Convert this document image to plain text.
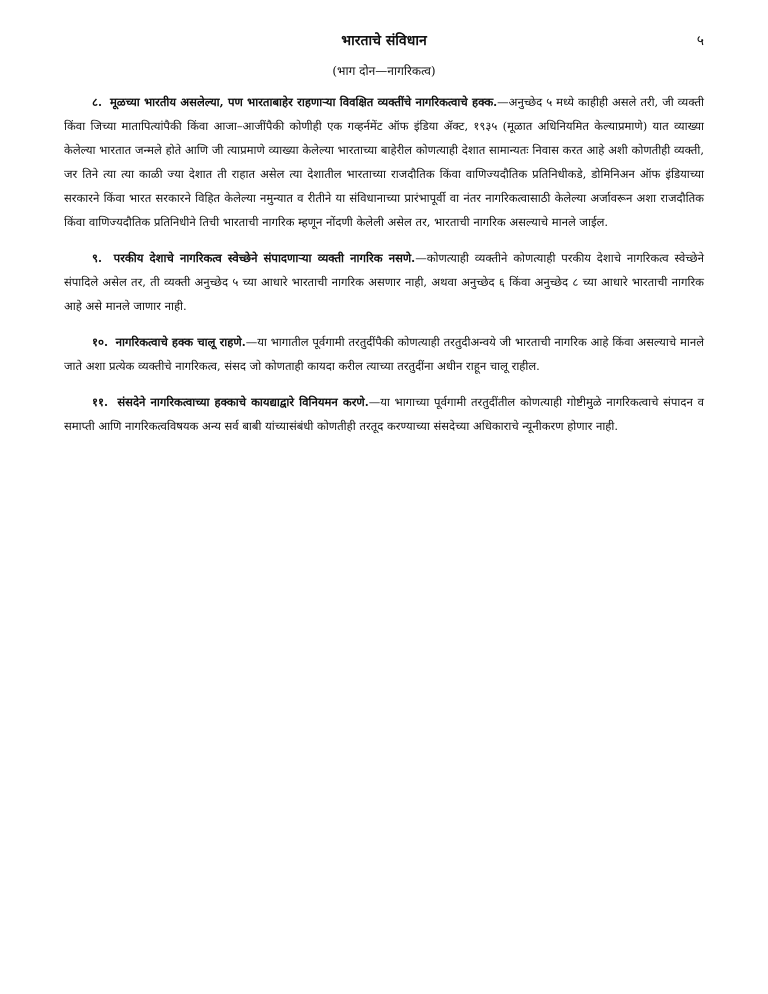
भारताचे संविधान	५
(भाग दोन—नागरिकत्व)

८. मूळच्या भारतीय असलेल्या, पण भारताबाहेर राहणाऱ्या विवक्षित व्यक्तींचे नागरिकत्वाचे हक्क.—अनुच्छेद ५ मध्ये काहीही असले तरी, जी व्यक्ती किंवा जिच्या मातापित्यांपैकी किंवा आजा–आजींपैकी कोणीही एक गव्हर्नमेंट ऑफ इंडिया ॲक्ट, १९३५ (मूळात अधिनियमित केल्याप्रमाणे) यात व्याख्या केलेल्या भारतात जन्मले होते आणि जी त्याप्रमाणे व्याख्या केलेल्या भारताच्या बाहेरील कोणत्याही देशात सामान्यतः निवास करत आहे अशी कोणतीही व्यक्ती, जर तिने त्या त्या काळी ज्या देशात ती राहात असेल त्या देशातील भारताच्या राजदौतिक किंवा वाणिज्यदौतिक प्रतिनिधीकडे, डोमिनिअन ऑफ इंडियाच्या सरकारने किंवा भारत सरकारने विहित केलेल्या नमुन्यात व रीतीने या संविधानाच्या प्रारंभापूर्वी वा नंतर नागरिकत्वासाठी केलेल्या अर्जावरून अशा राजदौतिक किंवा वाणिज्यदौतिक प्रतिनिधीने तिची भारताची नागरिक म्हणून नोंदणी केलेली असेल तर, भारताची नागरिक असल्याचे मानले जाईल.

९. परकीय देशाचे नागरिकत्व स्वेच्छेने संपादणाऱ्या व्यक्ती नागरिक नसणे.—कोणत्याही व्यक्तीने कोणत्याही परकीय देशाचे नागरिकत्व स्वेच्छेने संपादिले असेल तर, ती व्यक्ती अनुच्छेद ५ च्या आधारे भारताची नागरिक असणार नाही, अथवा अनुच्छेद ६ किंवा अनुच्छेद ८ च्या आधारे भारताची नागरिक आहे असे मानले जाणार नाही.

१०. नागरिकत्वाचे हक्क चालू राहणे.—या भागातील पूर्वगामी तरतुदींपैकी कोणत्याही तरतुदीअन्वये जी भारताची नागरिक आहे किंवा असल्याचे मानले जाते अशा प्रत्येक व्यक्तीचे नागरिकत्व, संसद जो कोणताही कायदा करील त्याच्या तरतुदींना अधीन राहून चालू राहील.

११. संसदेने नागरिकत्वाच्या हक्काचे कायद्याद्वारे विनियमन करणे.—या भागाच्या पूर्वगामी तरतुदींतील कोणत्याही गोष्टीमुळे नागरिकत्वाचे संपादन व समाप्ती आणि नागरिकत्वविषयक अन्य सर्व बाबी यांच्यासंबंधी कोणतीही तरतूद करण्याच्या संसदेच्या अधिकाराचे न्यूनीकरण होणार नाही.
